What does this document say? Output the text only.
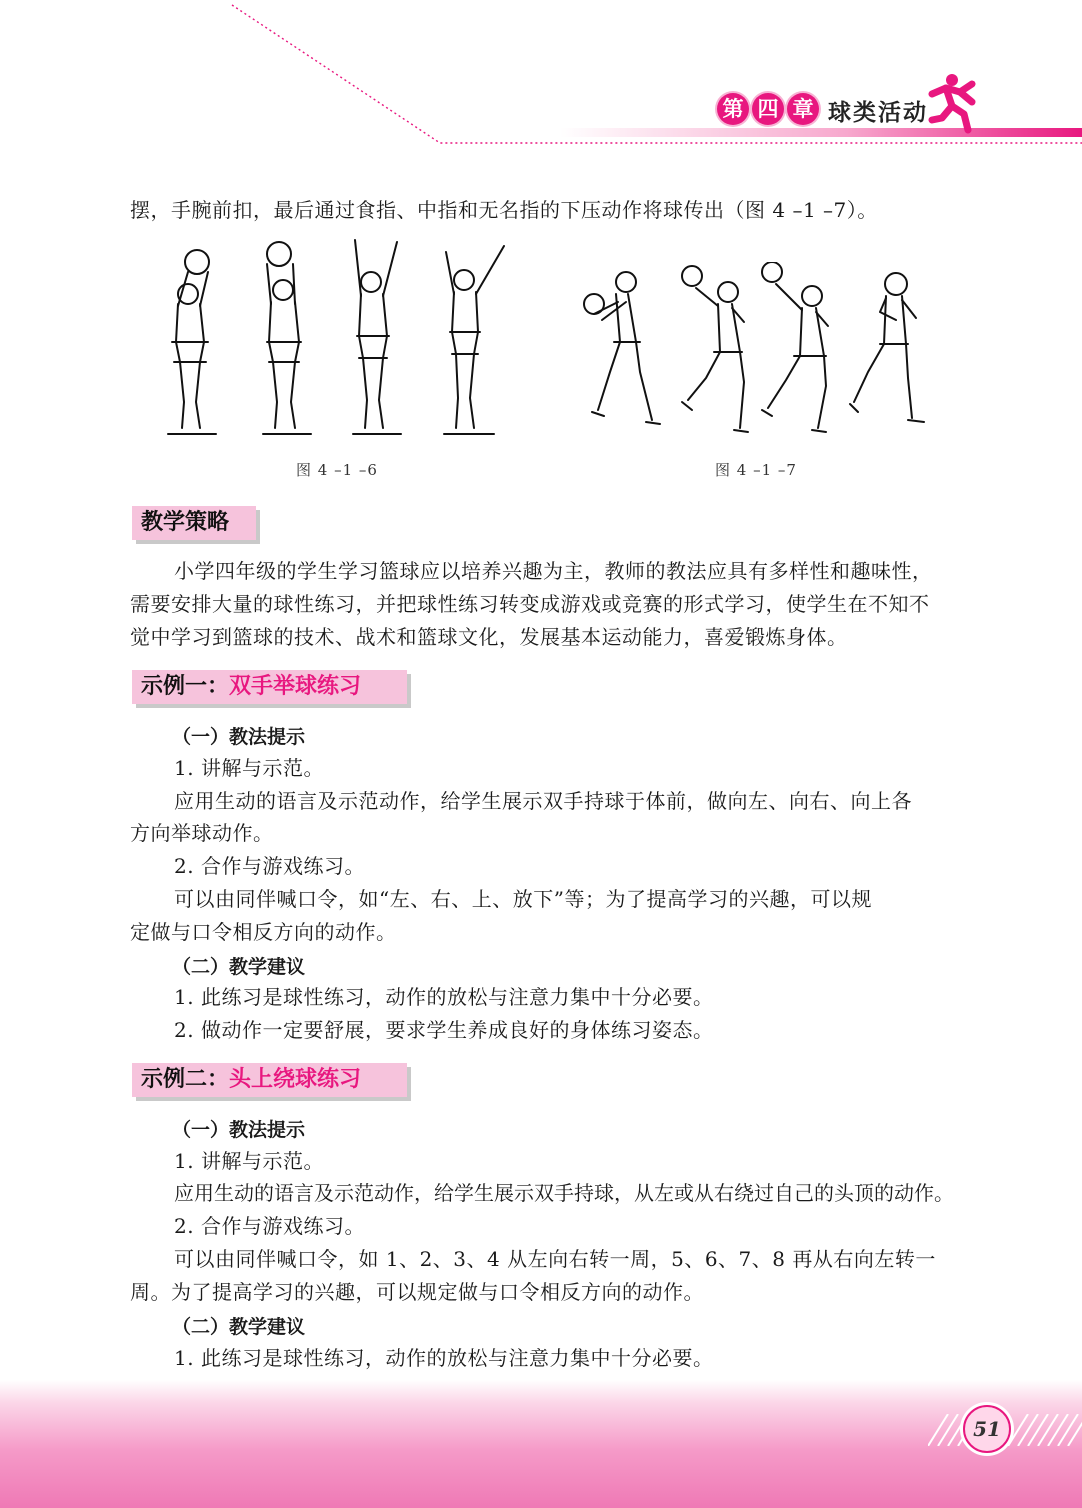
第 四 章 球类活动
摆，手腕前扣，最后通过食指、中指和无名指的下压动作将球传出（图 4 –1 –7）。
图 4 –1 –6	图 4 –1 –7
教学策略
小学四年级的学生学习篮球应以培养兴趣为主，教师的教法应具有多样性和趣味性，
需要安排大量的球性练习，并把球性练习转变成游戏或竞赛的形式学习，使学生在不知不
觉中学习到篮球的技术、战术和篮球文化，发展基本运动能力，喜爱锻炼身体。
示例一：双手举球练习
（一）教法提示
1. 讲解与示范。
应用生动的语言及示范动作，给学生展示双手持球于体前，做向左、向右、向上各
方向举球动作。
2. 合作与游戏练习。
可以由同伴喊口令，如“左、右、上、放下”等；为了提高学习的兴趣，可以规
定做与口令相反方向的动作。
（二）教学建议
1. 此练习是球性练习，动作的放松与注意力集中十分必要。
2. 做动作一定要舒展，要求学生养成良好的身体练习姿态。
示例二：头上绕球练习
（一）教法提示
1. 讲解与示范。
应用生动的语言及示范动作，给学生展示双手持球，从左或从右绕过自己的头顶的动作。
2. 合作与游戏练习。
可以由同伴喊口令，如 1、2、3、4 从左向右转一周，5、6、7、8 再从右向左转一
周。为了提高学习的兴趣，可以规定做与口令相反方向的动作。
（二）教学建议
1. 此练习是球性练习，动作的放松与注意力集中十分必要。
51
